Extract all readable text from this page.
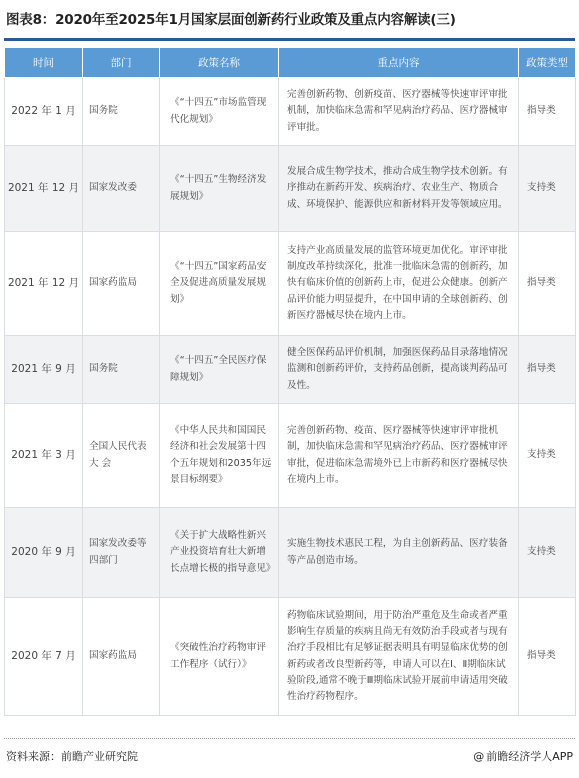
图表8：2020年至2025年1月国家层面创新药行业政策及重点内容解读(三)
时间	部门	政策名称	重点内容	政策类型
2022 年 1 月	国务院	《“十四五”市场监管现代化规划》	完善创新药物、创新疫苗、医疗器械等快速审评审批机制，加快临床急需和罕见病治疗药品、医疗器械审评审批。	指导类
2021 年 12 月	国家发改委	《“十四五”生物经济发展规划》	发展合成生物学技术，推动合成生物学技术创新。有序推动在新药开发、疾病治疗、农业生产、物质合成、环境保护、能源供应和新材料开发等领域应用。	支持类
2021 年 12 月	国家药监局	《“十四五”国家药品安全及促进高质量发展规划》	支持产业高质量发展的监管环境更加优化。审评审批制度改革持续深化，批准一批临床急需的创新药，加快有临床价值的创新药上市，促进公众健康。创新产品评价能力明显提升，在中国申请的全球创新药、创新医疗器械尽快在境内上市。	指导类
2021 年 9 月	国务院	《“十四五”全民医疗保障规划》	健全医保药品评价机制，加强医保药品目录落地情况监测和创新药评价，支持药品创新，提高谈判药品可及性。	指导类
2021 年 3 月	全国人民代表大 会	《中华人民共和国国民经济和社会发展第十四个五年规划和2035年远景目标纲要》	完善创新药物、疫苗、医疗器械等快速审评审批机制，加快临床急需和罕见病治疗药品、医疗器械审评审批，促进临床急需境外已上市新药和医疗器械尽快在境内上市。	支持类
2020 年 9 月	国家发改委等四部门	《关于扩大战略性新兴产业投资培育壮大新增长点增长极的指导意见》	实施生物技术惠民工程，为自主创新药品、医疗装备等产品创造市场。	支持类
2020 年 7 月	国家药监局	《突破性治疗药物审评工作程序（试行）》	药物临床试验期间，用于防治严重危及生命或者严重影响生存质量的疾病且尚无有效防治手段或者与现有治疗手段相比有足够证据表明具有明显临床优势的创新药或者改良型新药等，申请人可以在Ⅰ、Ⅱ期临床试验阶段,通常不晚于Ⅲ期临床试验开展前申请适用突破性治疗药物程序。	指导类
资料来源：前瞻产业研究院	@ 前瞻经济学人APP
